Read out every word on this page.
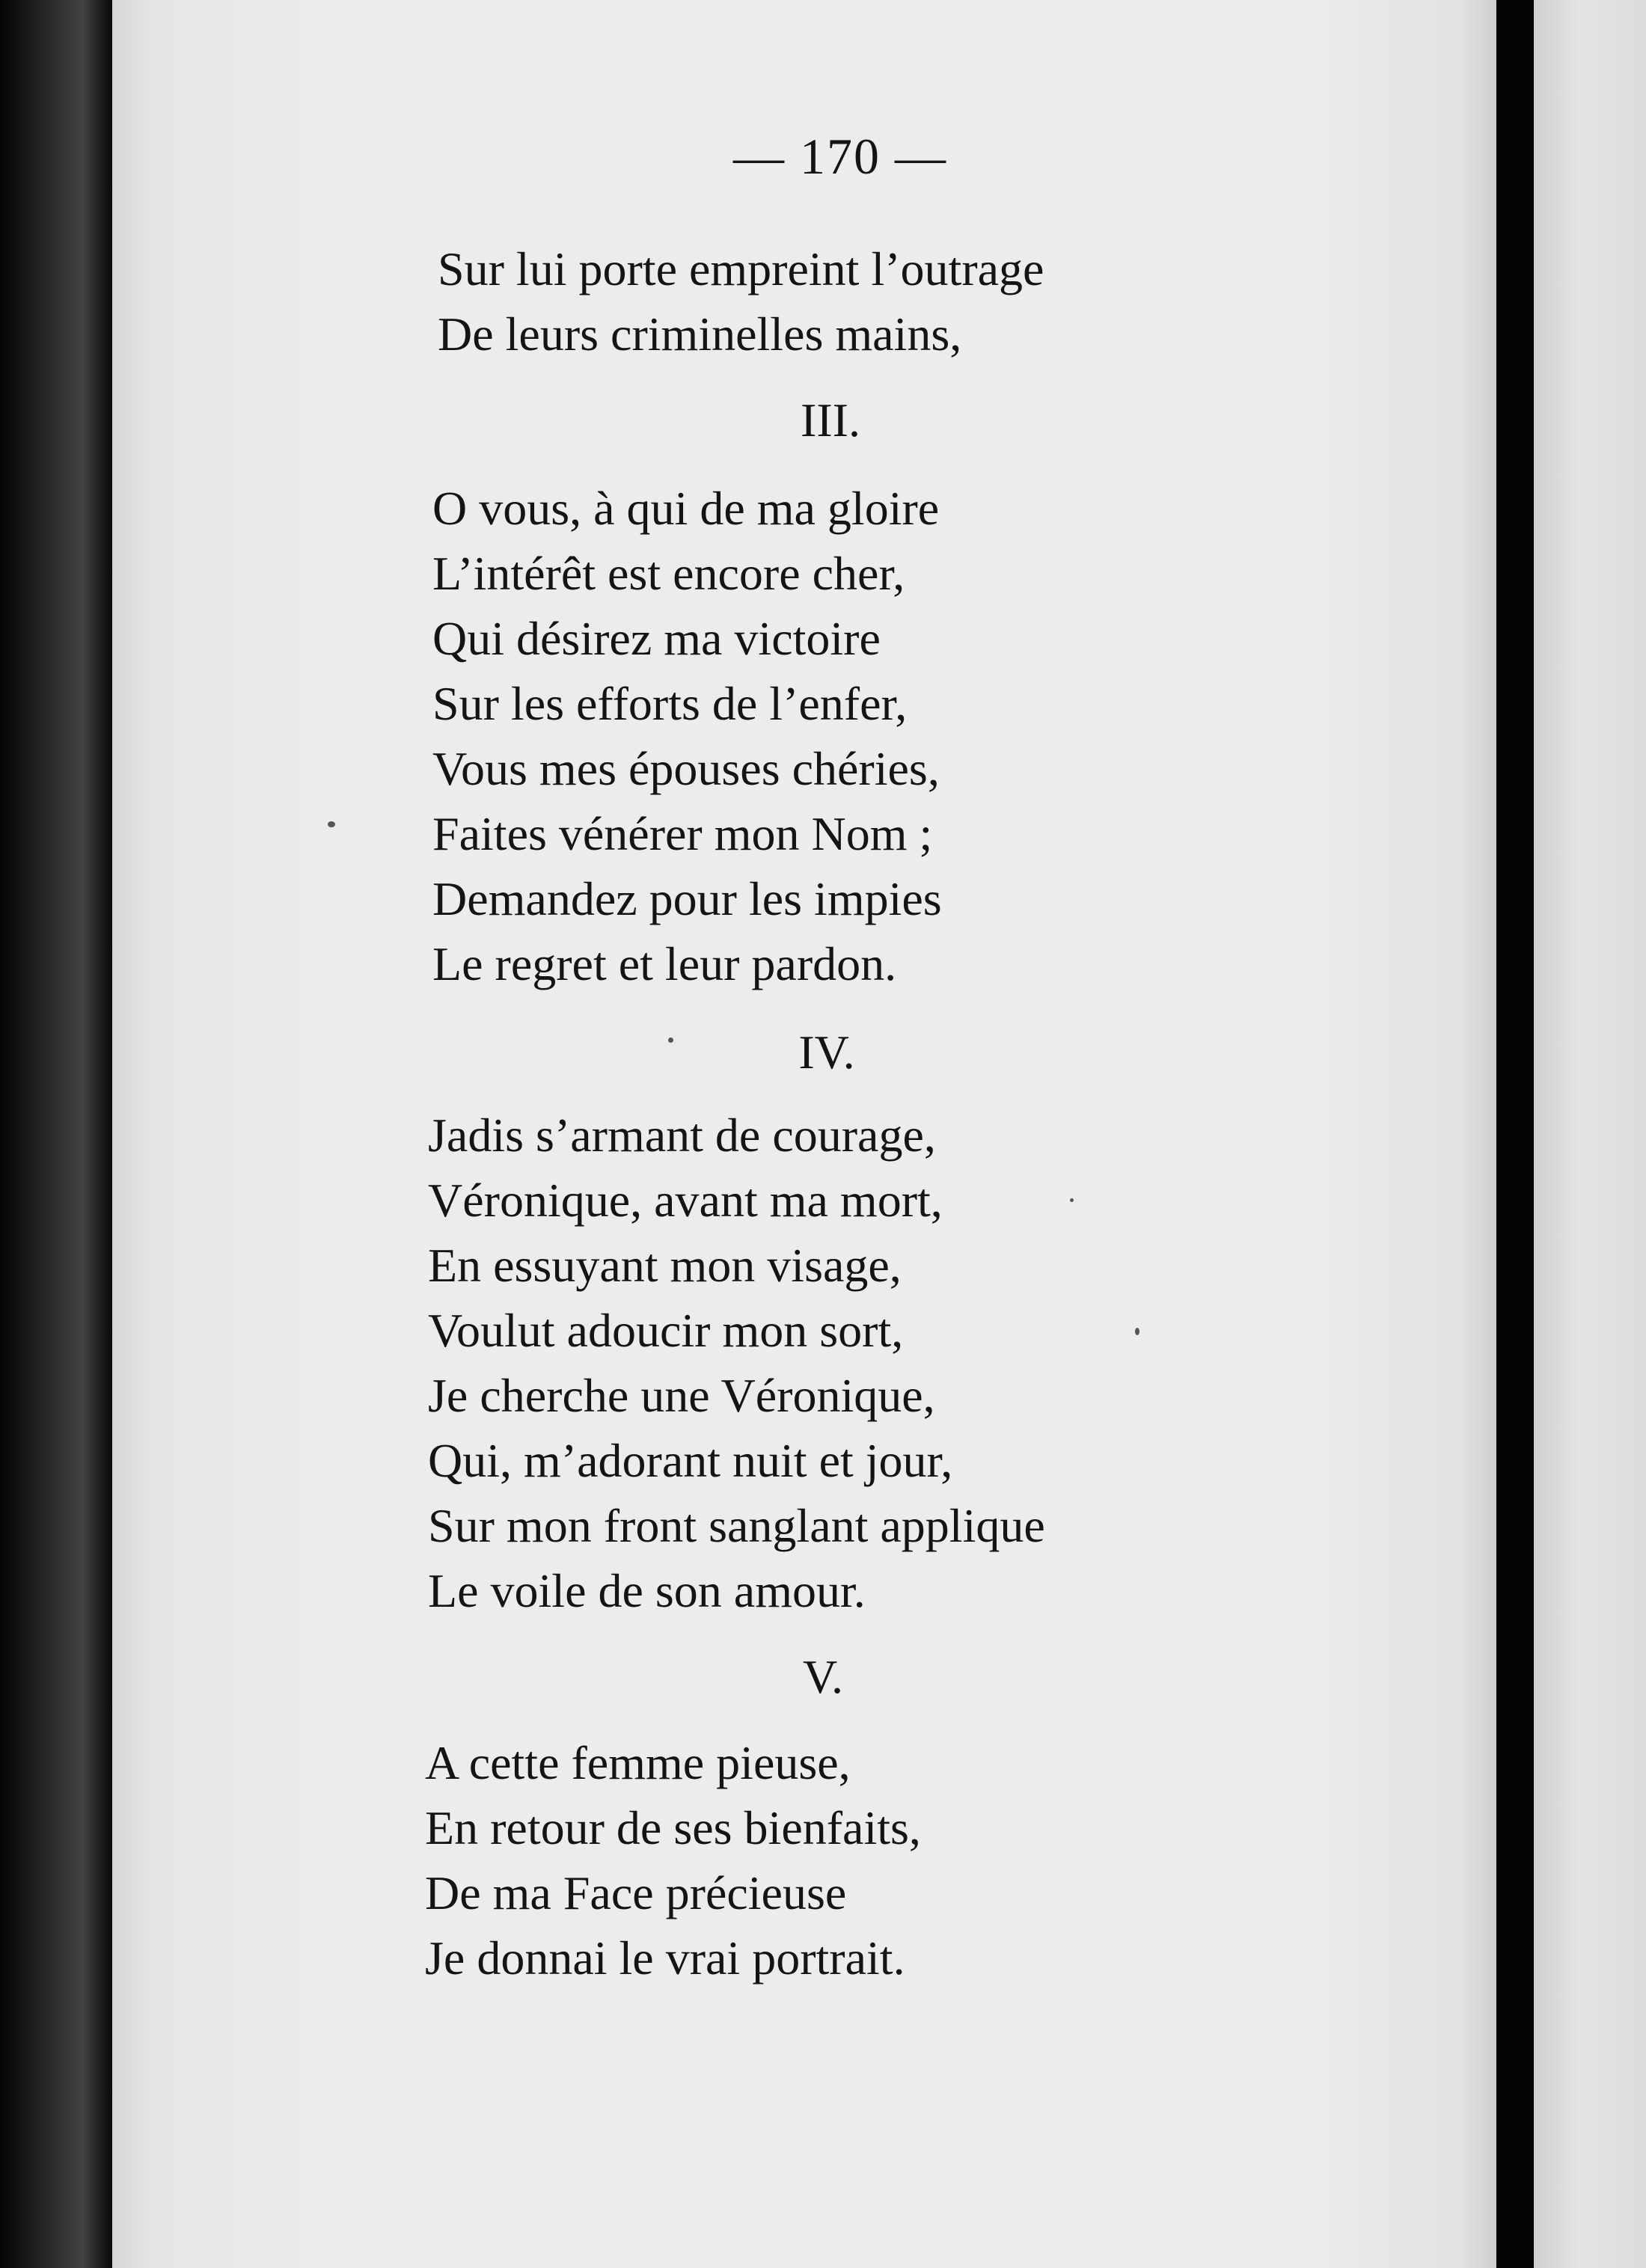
— 170 —
Sur lui porte empreint l’outrage
De leurs criminelles mains,
III.
O vous, à qui de ma gloire
L’intérêt est encore cher,
Qui désirez ma victoire
Sur les efforts de l’enfer,
Vous mes épouses chéries,
Faites vénérer mon Nom ;
Demandez pour les impies
Le regret et leur pardon.
IV.
Jadis s’armant de courage,
Véronique, avant ma mort,
En essuyant mon visage,
Voulut adoucir mon sort,
Je cherche une Véronique,
Qui, m’adorant nuit et jour,
Sur mon front sanglant applique
Le voile de son amour.
V.
A cette femme pieuse,
En retour de ses bienfaits,
De ma Face précieuse
Je donnai le vrai portrait.
